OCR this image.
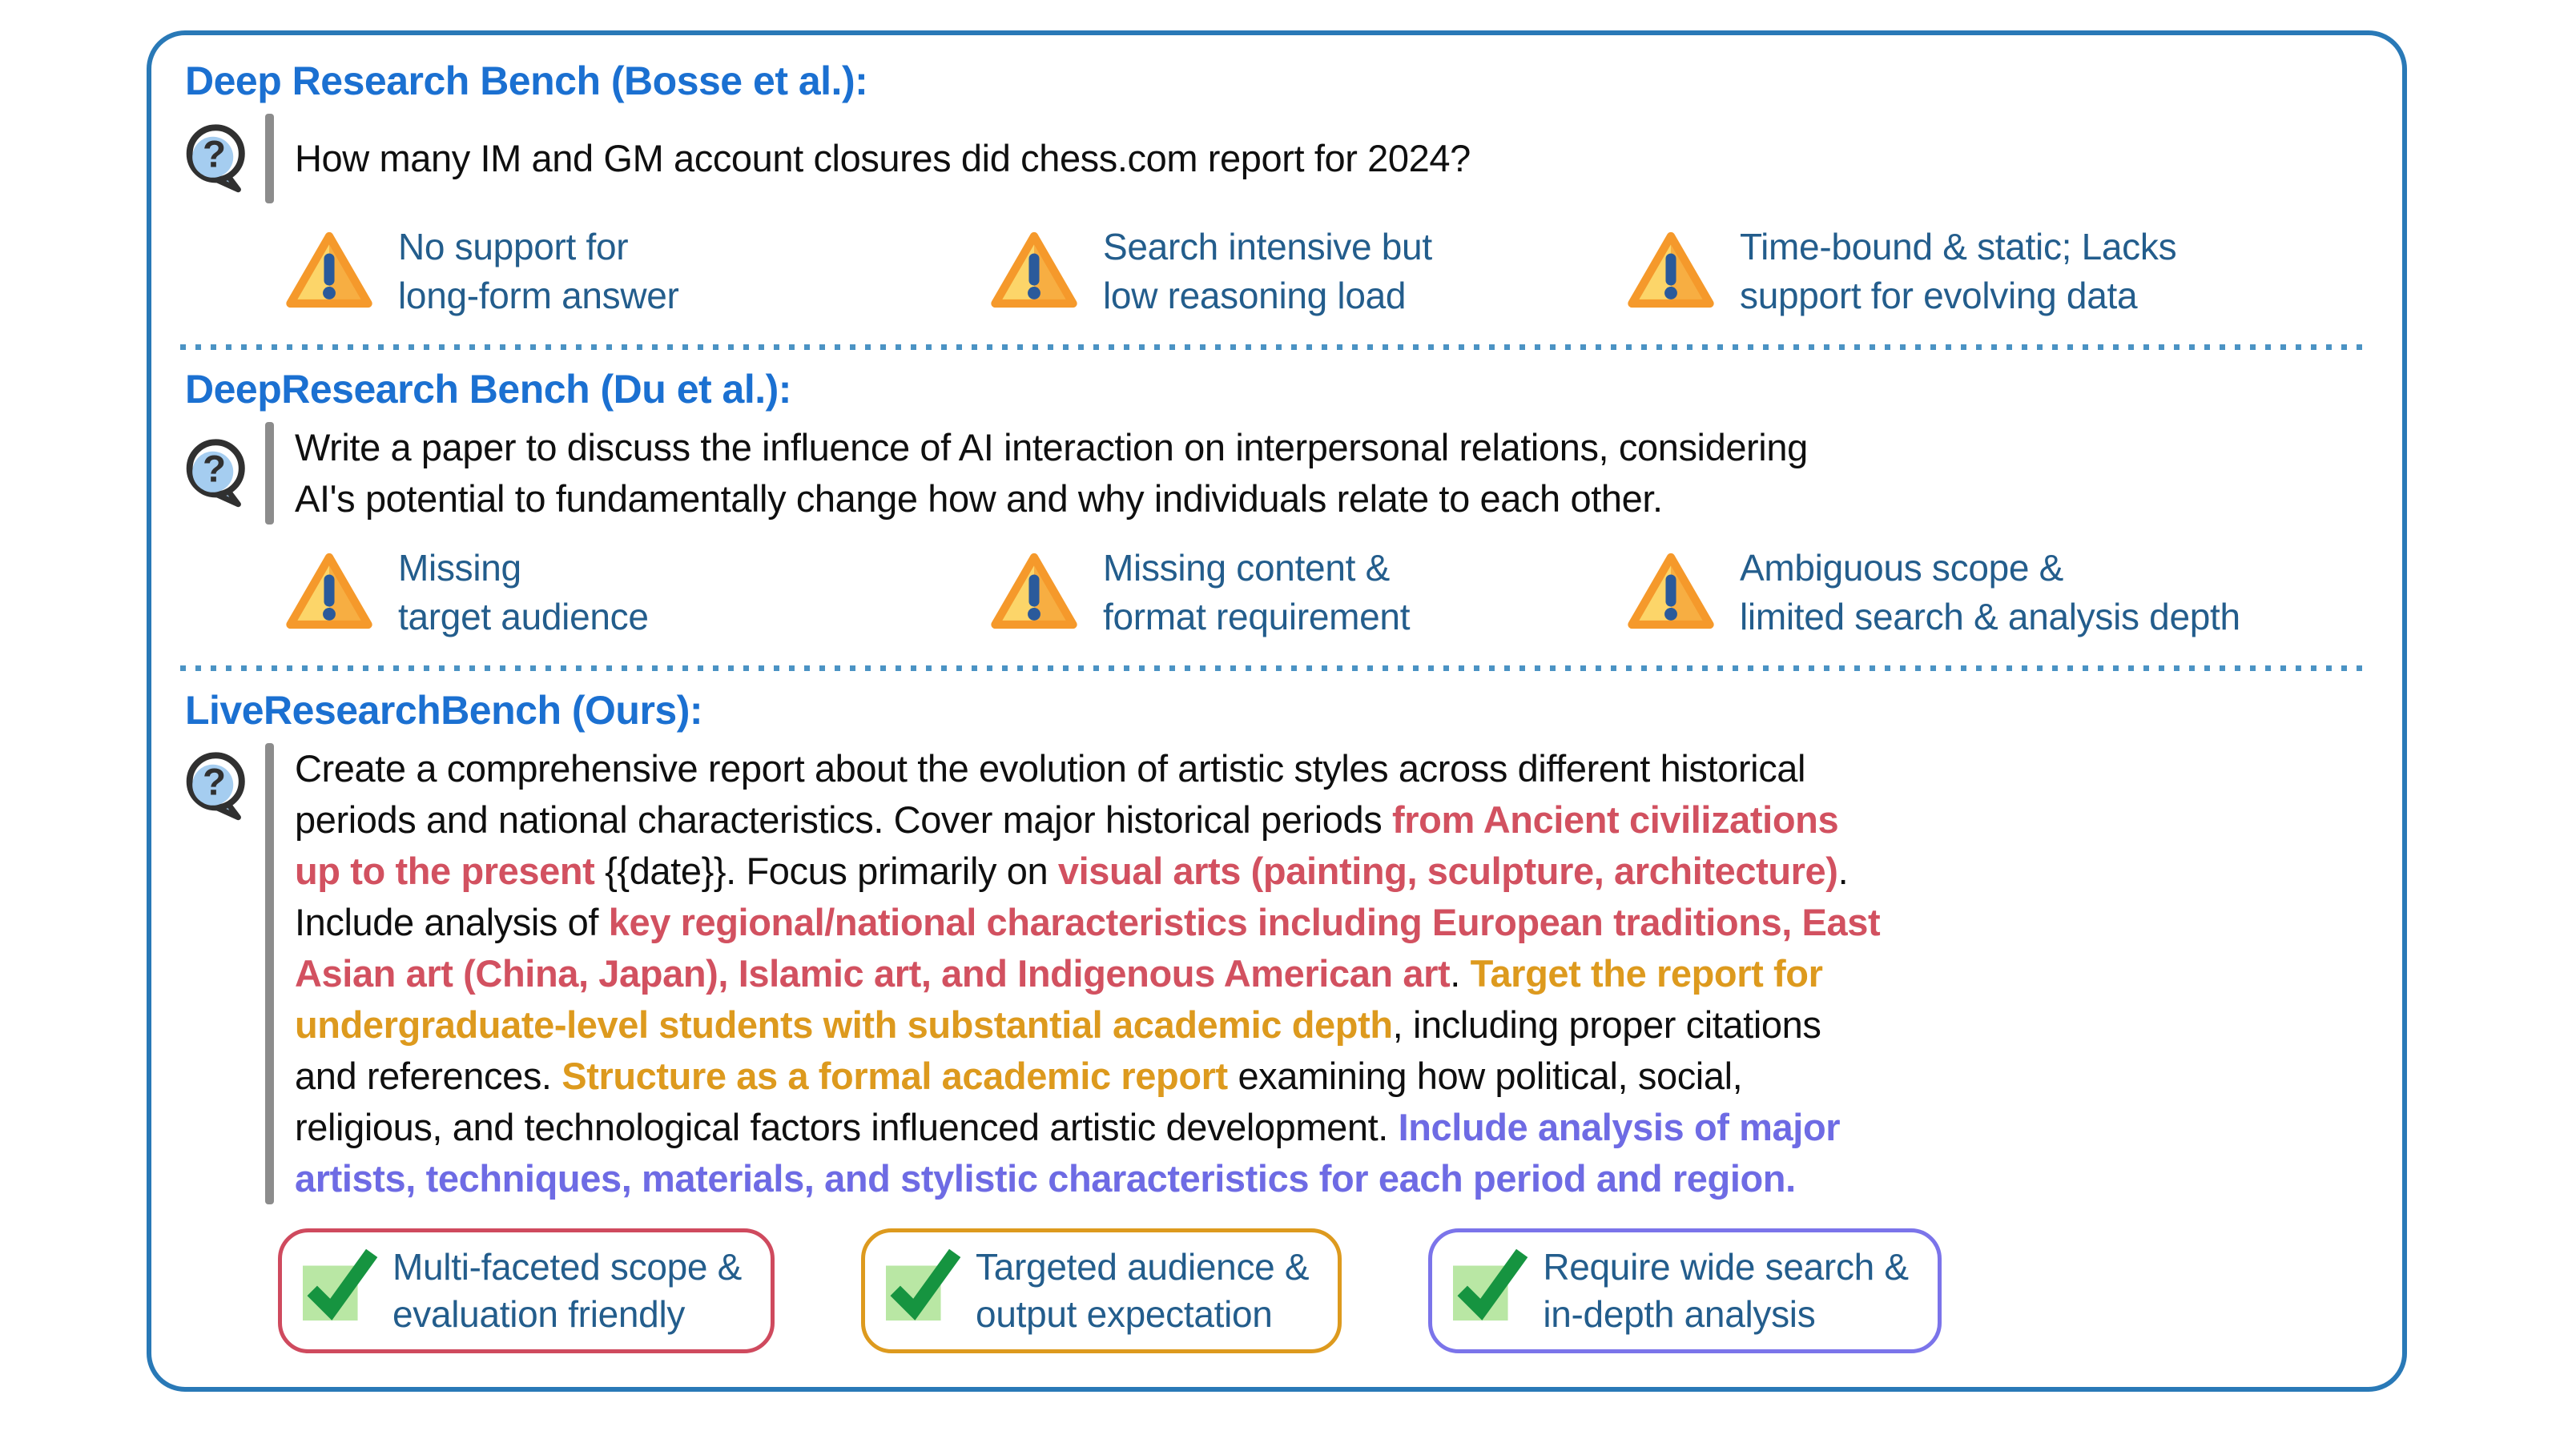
Deep Research Bench (Bosse et al.):
? How many IM and GM account closures did chess.com report for 2024?
No support for
long-form answer
Search intensive but
low reasoning load
Time-bound & static; Lacks
support for evolving data
DeepResearch Bench (Du et al.):
?
Write a paper to discuss the influence of AI interaction on interpersonal relations, considering
AI's potential to fundamentally change how and why individuals relate to each other.
Missing
target audience
Missing content &
format requirement
Ambiguous scope &
limited search & analysis depth
LiveResearchBench (Ours):
? Create a comprehensive report about the evolution of artistic styles across different historical
periods and national characteristics. Cover major historical periods from Ancient civilizations
up to the present {{date}}. Focus primarily on visual arts (painting, sculpture, architecture).
Include analysis of key regional/national characteristics including European traditions, East
Asian art (China, Japan), Islamic art, and Indigenous American art. Target the report for
undergraduate-level students with substantial academic depth, including proper citations
and references. Structure as a formal academic report examining how political, social,
religious, and technological factors influenced artistic development. Include analysis of major
artists, techniques, materials, and stylistic characteristics for each period and region.
Multi-faceted scope &
evaluation friendly
Targeted audience &
output expectation
Require wide search &
in-depth analysis
